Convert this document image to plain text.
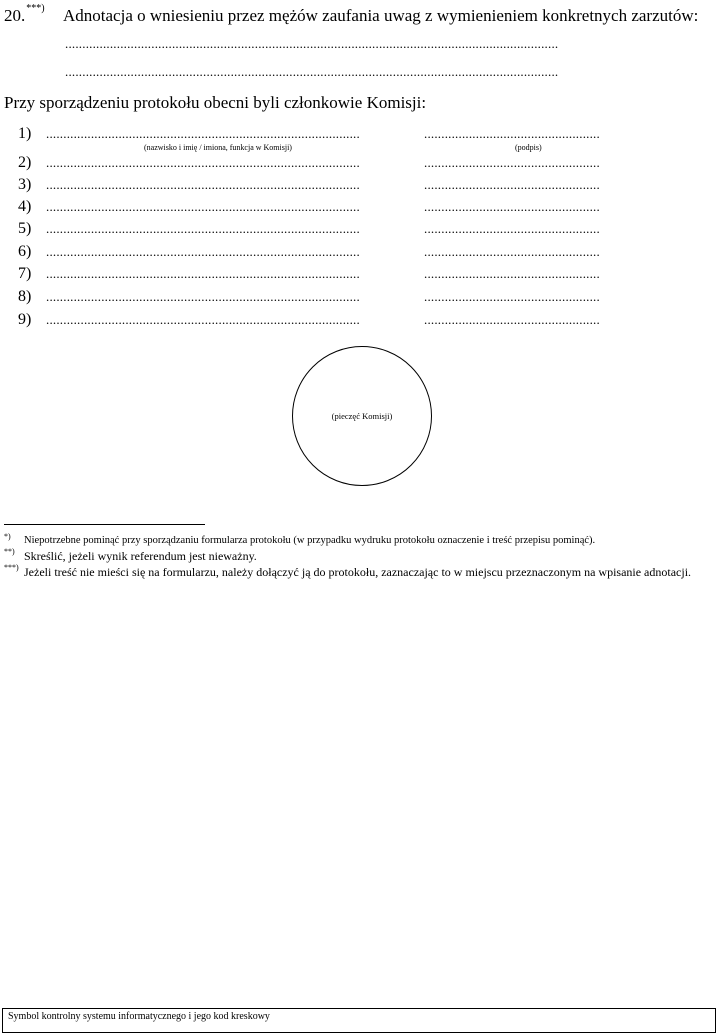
20.***) Adnotacja o wniesieniu przez mężów zaufania uwag z wymienieniem konkretnych zarzutów:
...............................................................................................................................................
...............................................................................................................................................
Przy sporządzeniu protokołu obecni byli członkowie Komisji:
1)	...........................................................................................	...................................................
2)	...........................................................................................	...................................................
3)	...........................................................................................	...................................................
4)	...........................................................................................	...................................................
5)	...........................................................................................	...................................................
6)	...........................................................................................	...................................................
7)	...........................................................................................	...................................................
8)	...........................................................................................	...................................................
9)	...........................................................................................	...................................................
(nazwisko i imię / imiona, funkcja w Komisji)	(podpis)
(pieczęć Komisji)
*) Niepotrzebne pominąć przy sporządzaniu formularza protokołu (w przypadku wydruku protokołu oznaczenie i treść przepisu pominąć).
**) Skreślić, jeżeli wynik referendum jest nieważny.
***) Jeżeli treść nie mieści się na formularzu, należy dołączyć ją do protokołu, zaznaczając to w miejscu przeznaczonym na wpisanie adnotacji.
Symbol kontrolny systemu informatycznego i jego kod kreskowy
